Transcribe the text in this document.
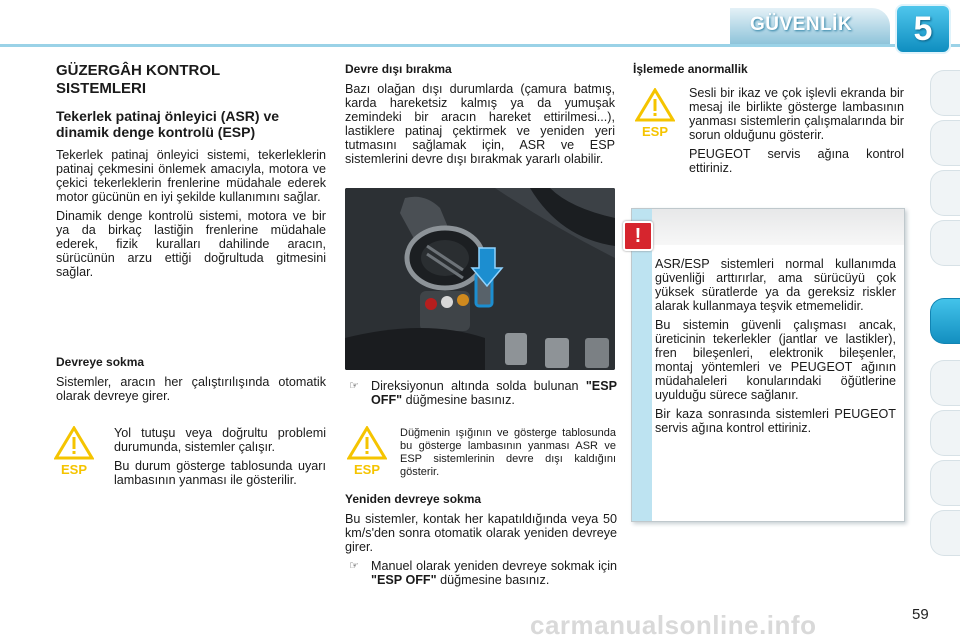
GÜVENLİK 5
GÜZERGÂH KONTROL
SISTEMLERI
Tekerlek patinaj önleyici (ASR) ve dinamik denge kontrolü (ESP)

Tekerlek patinaj önleyici sistemi, tekerleklerin patinaj çekmesini önlemek amacıyla, motora ve çekici tekerleklerin frenlerine müdahale ederek motor gücünün en iyi şekilde kullanımını sağlar.

Dinamik denge kontrolü sistemi, motora ve bir ya da birkaç lastiğin frenlerine müdahale ederek, fizik kuralları dahilinde aracın, sürücünün arzu ettiği doğrultuda gitmesini sağlar.

Devreye sokma

Sistemler, aracın her çalıştırılışında otomatik olarak devreye girer.

ESP

Yol tutuşu veya doğrultu problemi durumunda, sistemler çalışır.

Bu durum gösterge tablosunda uyarı lambasının yanması ile gösterilir.

Devre dışı bırakma

Bazı olağan dışı durumlarda (çamura batmış, karda hareketsiz kalmış ya da yumuşak zemindeki bir aracın hareket ettirilmesi...), lastiklere patinaj çektirmek ve yeniden yeri tutmasını sağlamak için, ASR ve ESP sistemlerini devre dışı bırakmak yararlı olabilir.

☞ Direksiyonun altında solda bulunan "ESP OFF" düğmesine basınız.
ESP

Düğmenin ışığının ve gösterge tablosunda bu gösterge lambasının yanması ASR ve ESP sistemlerinin devre dışı kaldığını gösterir.

Yeniden devreye sokma

Bu sistemler, kontak her kapatıldığında veya 50 km/s'den sonra otomatik olarak yeniden devreye girer.

☞ Manuel olarak yeniden devreye sokmak için "ESP OFF" düğmesine basınız.
İşlemede anormallik
ESP

Sesli bir ikaz ve çok işlevli ekranda bir mesaj ile birlikte gösterge lambasının yanması sistemlerin çalışmalarında bir sorun olduğunu gösterir.

PEUGEOT servis ağına kontrol ettiriniz.

!

ASR/ESP sistemleri normal kullanımda güvenliği arttırırlar, ama sürücüyü çok yüksek süratlerde ya da gereksiz riskler alarak kullanmaya teşvik etmemelidir.

Bu sistemin güvenli çalışması ancak, üreticinin tekerlekler (jantlar ve lastikler), fren bileşenleri, elektronik bileşenler, montaj yöntemleri ve PEUGEOT ağının müdahaleleri konularındaki öğütlerine uyulduğu sürece sağlanır.

Bir kaza sonrasında sistemleri PEUGEOT servis ağına kontrol ettiriniz.

carmanualsonline.info	59
